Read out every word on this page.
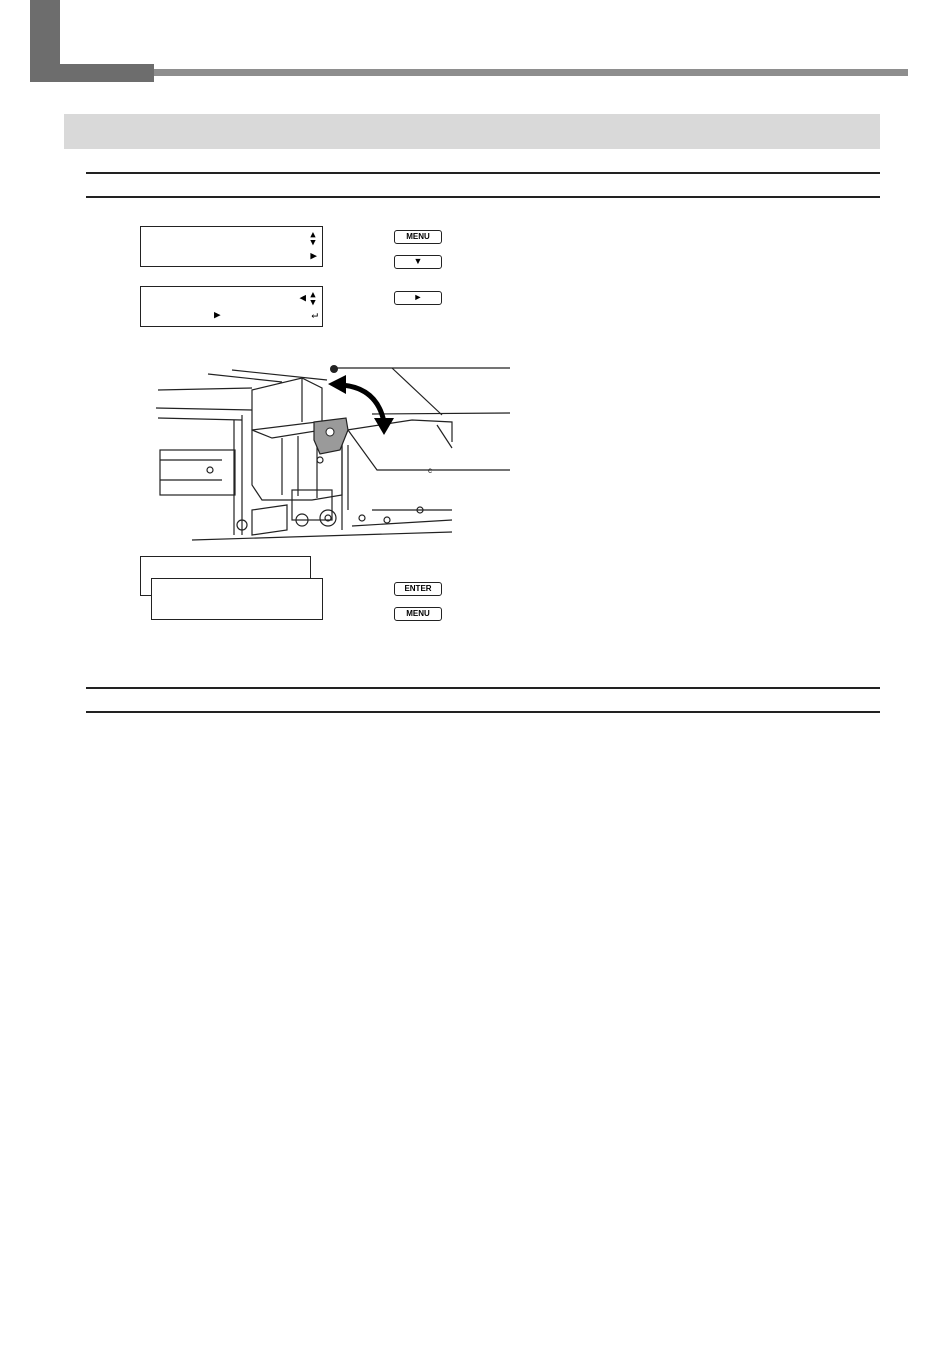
▲
▼
▶
◀ ▲
▼
▶	↵
MENU
▼
►
c
ENTER
MENU
